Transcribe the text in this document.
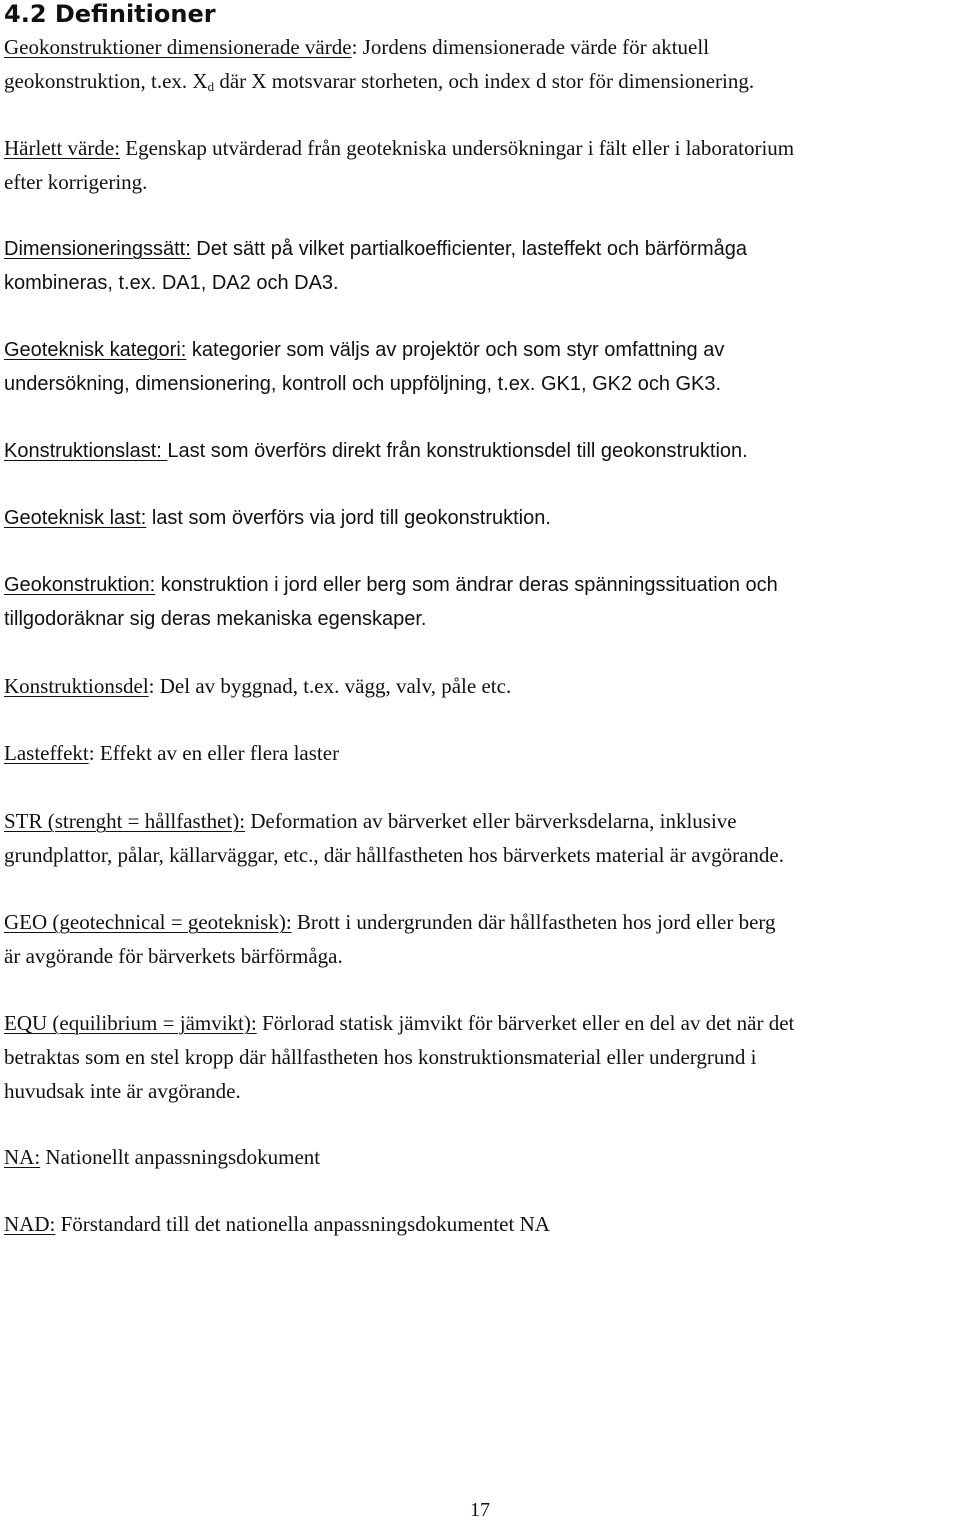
4.2 Definitioner
Geokonstruktioner dimensionerade värde: Jordens dimensionerade värde för aktuell
geokonstruktion, t.ex. $X_d$ där X motsvarar storheten, och index d stor för dimensionering.
Härlett värde: Egenskap utvärderad från geotekniska undersökningar i fält eller i laboratorium
efter korrigering.
Dimensioneringssätt: Det sätt på vilket partialkoefficienter, lasteffekt och bärförmåga
kombineras, t.ex. DA1, DA2 och DA3.
Geoteknisk kategori: kategorier som väljs av projektör och som styr omfattning av
undersökning, dimensionering, kontroll och uppföljning, t.ex. GK1, GK2 och GK3.
Konstruktionslast: Last som överförs direkt från konstruktionsdel till geokonstruktion.
Geoteknisk last: last som överförs via jord till geokonstruktion.
Geokonstruktion: konstruktion i jord eller berg som ändrar deras spänningssituation och
tillgodoräknar sig deras mekaniska egenskaper.
Konstruktionsdel: Del av byggnad, t.ex. vägg, valv, påle etc.
Lasteffekt: Effekt av en eller flera laster
STR (strenght = hållfasthet): Deformation av bärverket eller bärverksdelarna, inklusive
grundplattor, pålar, källarväggar, etc., där hållfastheten hos bärverkets material är avgörande.
GEO (geotechnical = geoteknisk): Brott i undergrunden där hållfastheten hos jord eller berg
är avgörande för bärverkets bärförmåga.
EQU (equilibrium = jämvikt): Förlorad statisk jämvikt för bärverket eller en del av det när det
betraktas som en stel kropp där hållfastheten hos konstruktionsmaterial eller undergrund i
huvudsak inte är avgörande.
NA: Nationellt anpassningsdokument
NAD: Förstandard till det nationella anpassningsdokumentet NA
17
